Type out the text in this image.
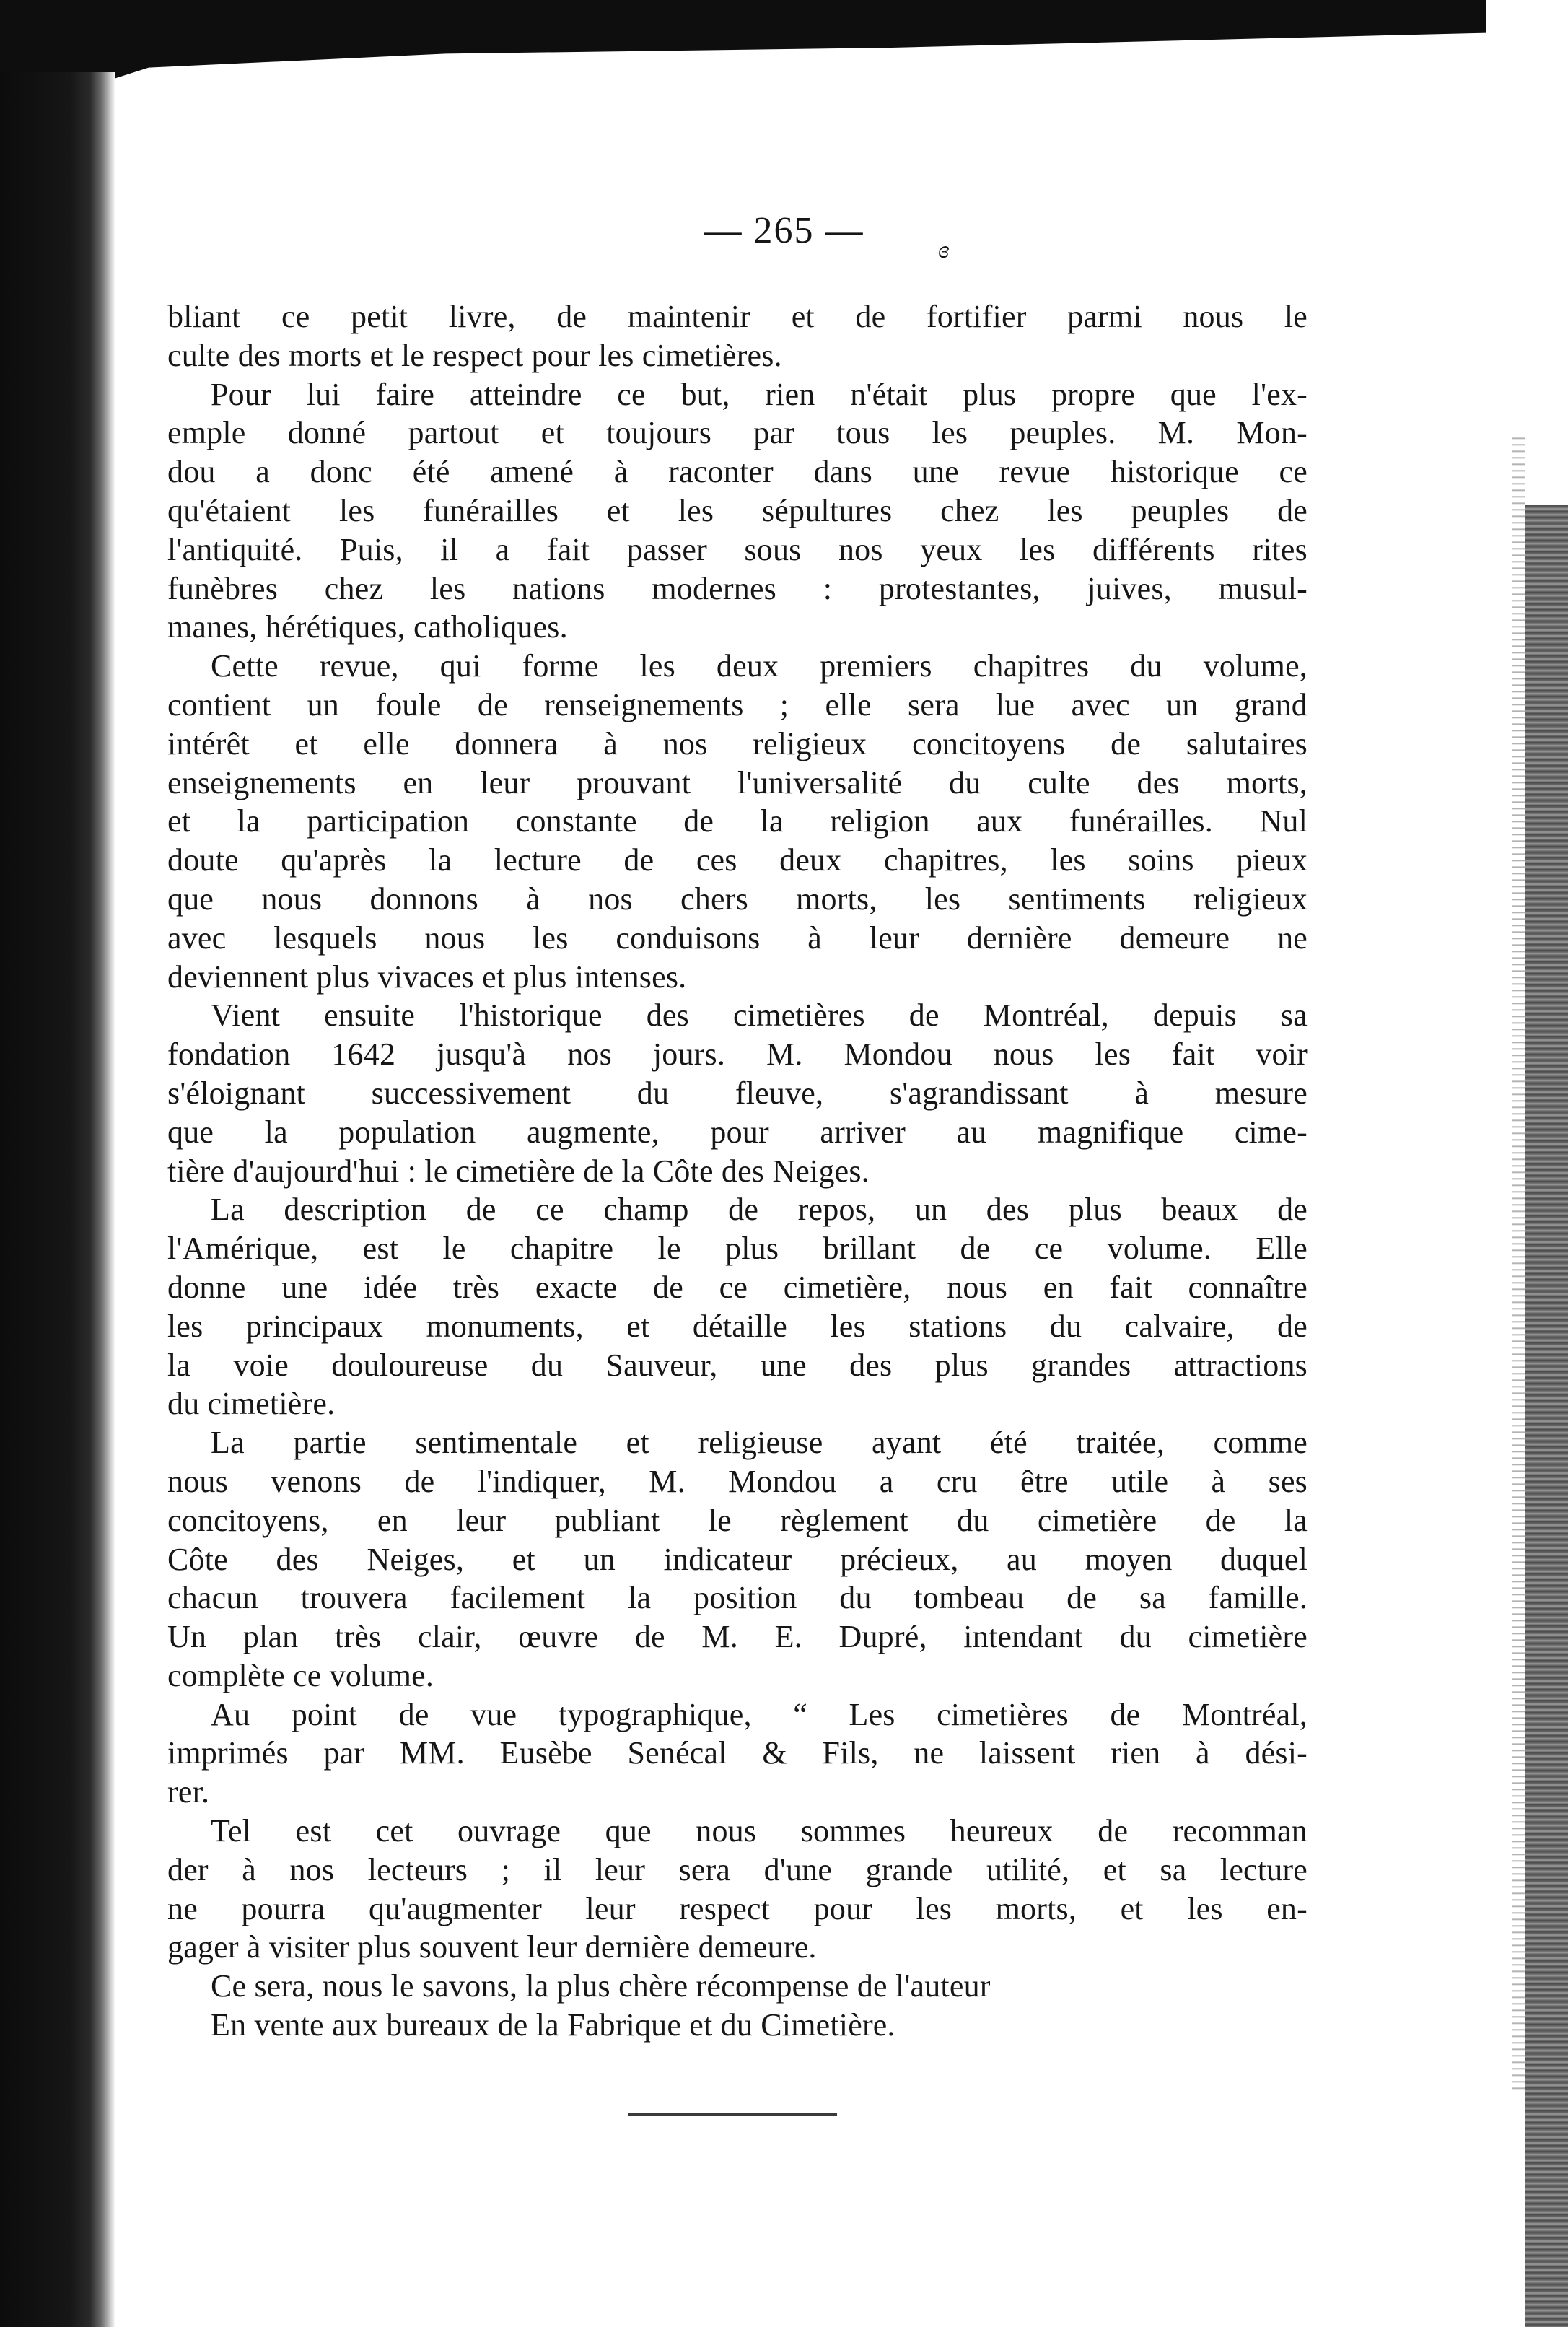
— 265 —	ɞ
bliant ce petit livre, de maintenir et de fortifier parmi nous le
culte des morts et le respect pour les cimetières.
Pour lui faire atteindre ce but, rien n'était plus propre que l'ex-
emple donné partout et toujours par tous les peuples. M. Mon-
dou a donc été amené à raconter dans une revue historique ce
qu'étaient les funérailles et les sépultures chez les peuples de
l'antiquité. Puis, il a fait passer sous nos yeux les différents rites
funèbres chez les nations modernes : protestantes, juives, musul-
manes, hérétiques, catholiques.
Cette revue, qui forme les deux premiers chapitres du volume,
contient un foule de renseignements ; elle sera lue avec un grand
intérêt et elle donnera à nos religieux concitoyens de salutaires
enseignements en leur prouvant l'universalité du culte des morts,
et la participation constante de la religion aux funérailles. Nul
doute qu'après la lecture de ces deux chapitres, les soins pieux
que nous donnons à nos chers morts, les sentiments religieux
avec lesquels nous les conduisons à leur dernière demeure ne
deviennent plus vivaces et plus intenses.
Vient ensuite l'historique des cimetières de Montréal, depuis sa
fondation 1642 jusqu'à nos jours. M. Mondou nous les fait voir
s'éloignant successivement du fleuve, s'agrandissant à mesure
que la population augmente, pour arriver au magnifique cime-
tière d'aujourd'hui : le cimetière de la Côte des Neiges.
La description de ce champ de repos, un des plus beaux de
l'Amérique, est le chapitre le plus brillant de ce volume. Elle
donne une idée très exacte de ce cimetière, nous en fait connaître
les principaux monuments, et détaille les stations du calvaire, de
la voie douloureuse du Sauveur, une des plus grandes attractions
du cimetière.
La partie sentimentale et religieuse ayant été traitée, comme
nous venons de l'indiquer, M. Mondou a cru être utile à ses
concitoyens, en leur publiant le règlement du cimetière de la
Côte des Neiges, et un indicateur précieux, au moyen duquel
chacun trouvera facilement la position du tombeau de sa famille.
Un plan très clair, œuvre de M. E. Dupré, intendant du cimetière
complète ce volume.
Au point de vue typographique, “ Les cimetières de Montréal,
imprimés par MM. Eusèbe Senécal & Fils, ne laissent rien à dési-
rer.
Tel est cet ouvrage que nous sommes heureux de recomman
der à nos lecteurs ; il leur sera d'une grande utilité, et sa lecture
ne pourra qu'augmenter leur respect pour les morts, et les en-
gager à visiter plus souvent leur dernière demeure.
Ce sera, nous le savons, la plus chère récompense de l'auteur
En vente aux bureaux de la Fabrique et du Cimetière.
